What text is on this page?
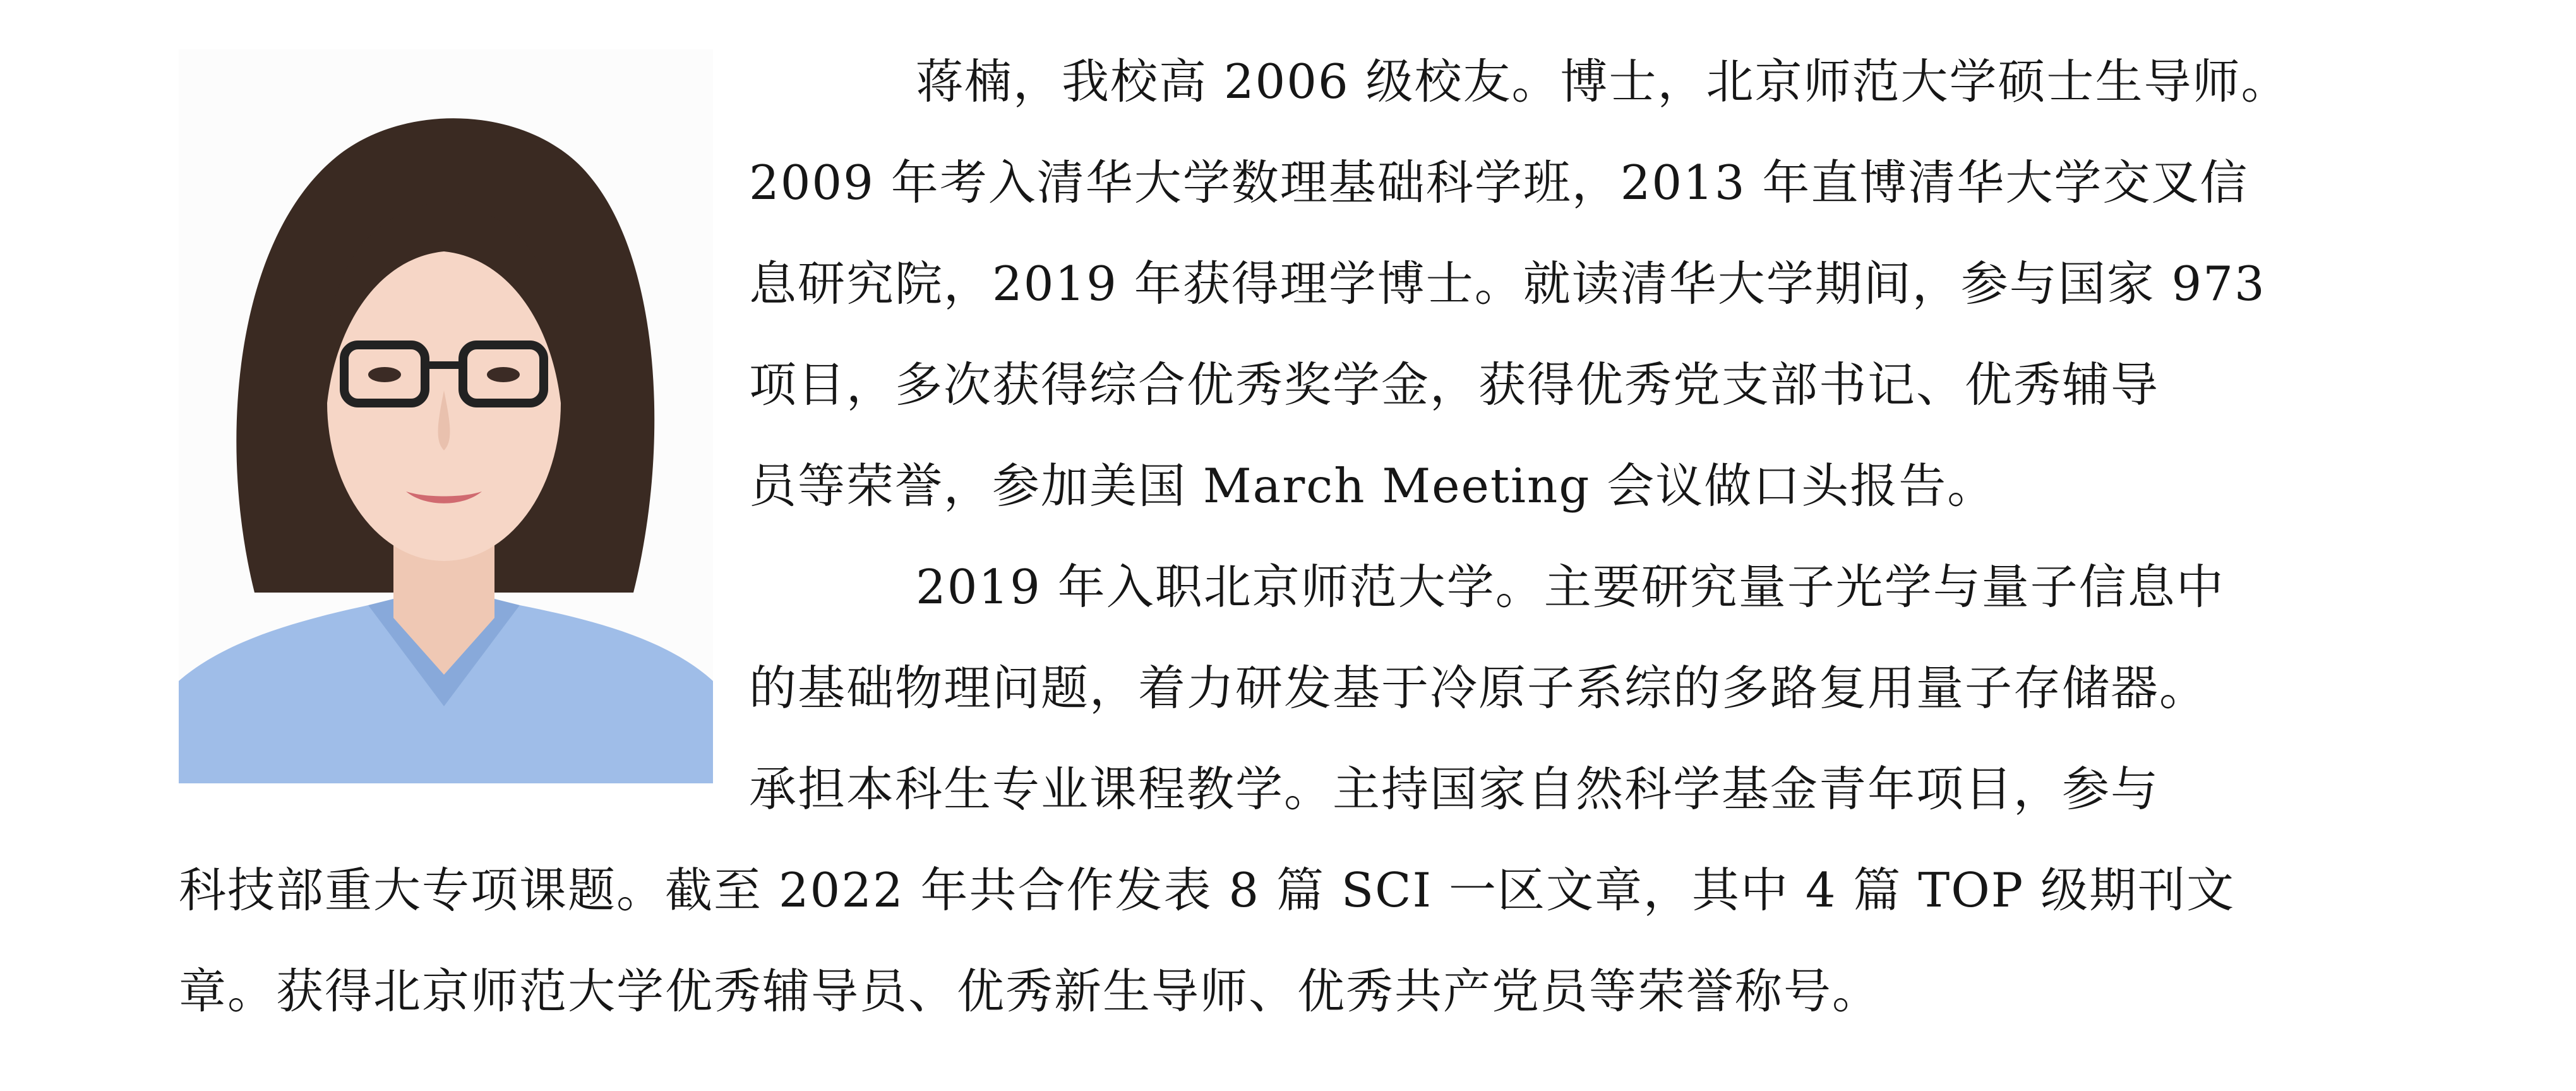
蒋楠，我校高 2006 级校友。博士，北京师范大学硕士生导师。
2009 年考入清华大学数理基础科学班，2013 年直博清华大学交叉信
息研究院，2019 年获得理学博士。就读清华大学期间，参与国家 973
项目，多次获得综合优秀奖学金，获得优秀党支部书记、优秀辅导
员等荣誉，参加美国 March Meeting 会议做口头报告。
2019 年入职北京师范大学。主要研究量子光学与量子信息中
的基础物理问题，着力研发基于冷原子系综的多路复用量子存储器。
承担本科生专业课程教学。主持国家自然科学基金青年项目，参与
科技部重大专项课题。截至 2022 年共合作发表 8 篇 SCI 一区文章，其中 4 篇 TOP 级期刊文
章。获得北京师范大学优秀辅导员、优秀新生导师、优秀共产党员等荣誉称号。
